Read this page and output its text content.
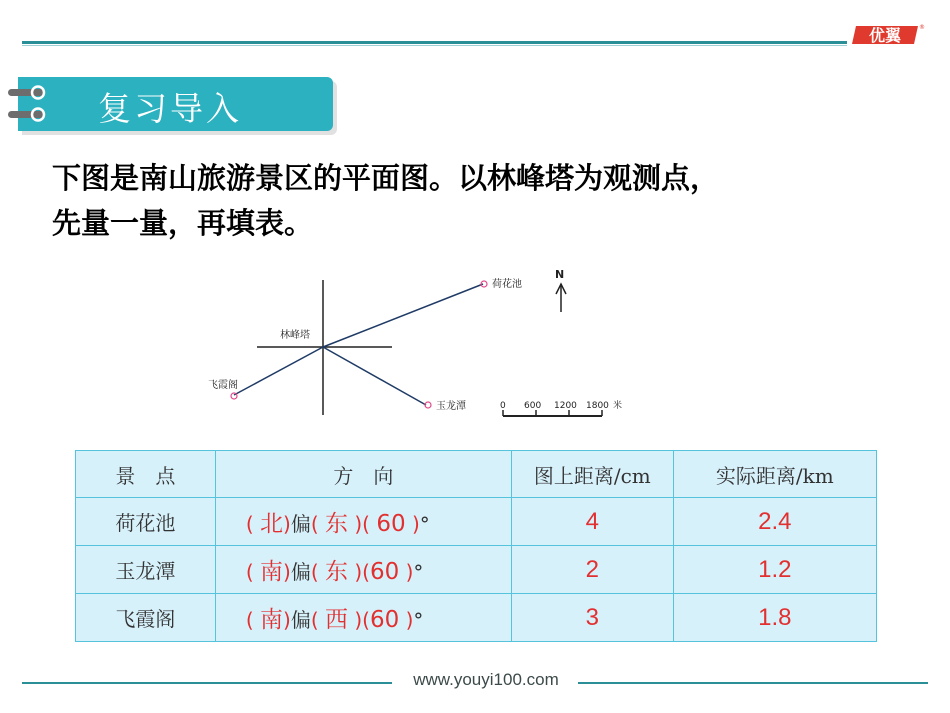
优翼	®
复习导入
下图是南山旅游景区的平面图。以林峰塔为观测点，
先量一量，再填表。
林峰塔
荷花池
玉龙潭
飞霞阁
N
0 600 1200 1800 米
景　点	方　向	图上距离/cm	实际距离/km
荷花池	( 北)偏( 东 )( 60 )°	4	2.4
玉龙潭	( 南)偏( 东 )(60 )°	2	1.2
飞霞阁	( 南)偏( 西 )(60 )°	3	1.8
www.youyi100.com
